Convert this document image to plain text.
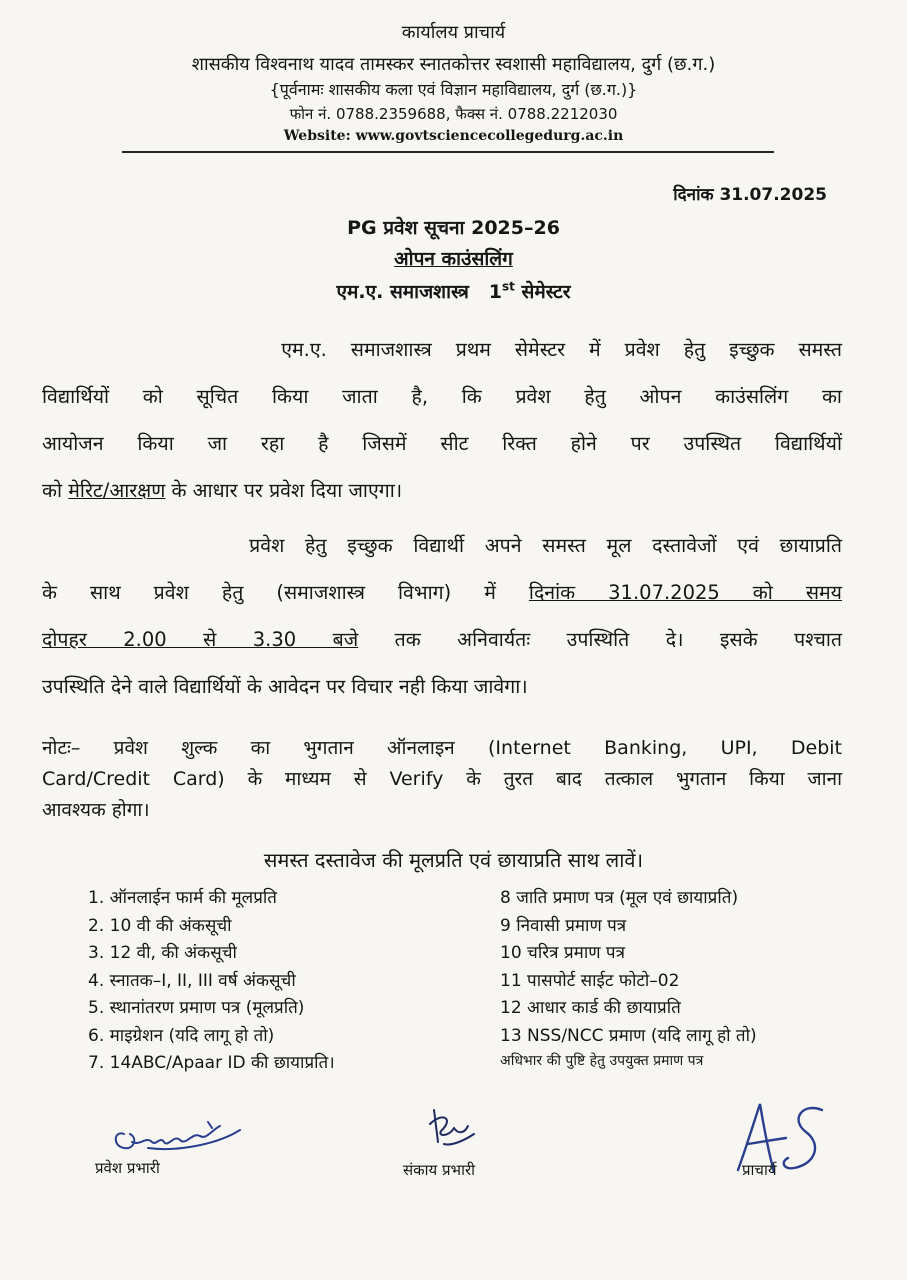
कार्यालय प्राचार्य
शासकीय विश्वनाथ यादव तामस्कर स्नातकोत्तर स्वशासी महाविद्यालय, दुर्ग (छ.ग.)
{पूर्वनामः शासकीय कला एवं विज्ञान महाविद्यालय, दुर्ग (छ.ग.)}
फोन नं. 0788.2359688, फैक्स नं. 0788.2212030
Website: www.govtsciencecollegedurg.ac.in
दिनांक 31.07.2025
PG प्रवेश सूचना 2025–26
ओपन काउंसलिंग
एम.ए. समाजशास्त्र 1st सेमेस्टर
एम.ए. समाजशास्त्र प्रथम सेमेस्टर में प्रवेश हेतु इच्छुक समस्त
विद्यार्थियों को सूचित किया जाता है, कि प्रवेश हेतु ओपन काउंसलिंग का
आयोजन किया जा रहा है जिसमें सीट रिक्त होने पर उपस्थित विद्यार्थियों
को मेरिट/आरक्षण के आधार पर प्रवेश दिया जाएगा।
प्रवेश हेतु इच्छुक विद्यार्थी अपने समस्त मूल दस्तावेजों एवं छायाप्रति
के साथ प्रवेश हेतु (समाजशास्त्र विभाग) में दिनांक 31.07.2025 को समय
दोपहर 2.00 से 3.30 बजे तक अनिवार्यतः उपस्थिति दे। इसके पश्चात
उपस्थिति देने वाले विद्यार्थियों के आवेदन पर विचार नही किया जावेगा।
नोटः– प्रवेश शुल्क का भुगतान ऑनलाइन (Internet Banking, UPI, Debit
Card/Credit Card) के माध्यम से Verify के तुरत बाद तत्काल भुगतान किया जाना
आवश्यक होगा।
समस्त दस्तावेज की मूलप्रति एवं छायाप्रति साथ लावें।
1. ऑनलाईन फार्म की मूलप्रति
2. 10 वी की अंकसूची
3. 12 वी, की अंकसूची
4. स्नातक–I, II, III वर्ष अंकसूची
5. स्थानांतरण प्रमाण पत्र (मूलप्रति)
6. माइग्रेशन (यदि लागू हो तो)
7. 14ABC/Apaar ID की छायाप्रति।
8 जाति प्रमाण पत्र (मूल एवं छायाप्रति)
9 निवासी प्रमाण पत्र
10 चरित्र प्रमाण पत्र
11 पासपोर्ट साईट फोटो–02
12 आधार कार्ड की छायाप्रति
13 NSS/NCC प्रमाण (यदि लागू हो तो)
अधिभार की पुष्टि हेतु उपयुक्त प्रमाण पत्र
प्रवेश प्रभारी	संकाय प्रभारी	प्राचार्य
